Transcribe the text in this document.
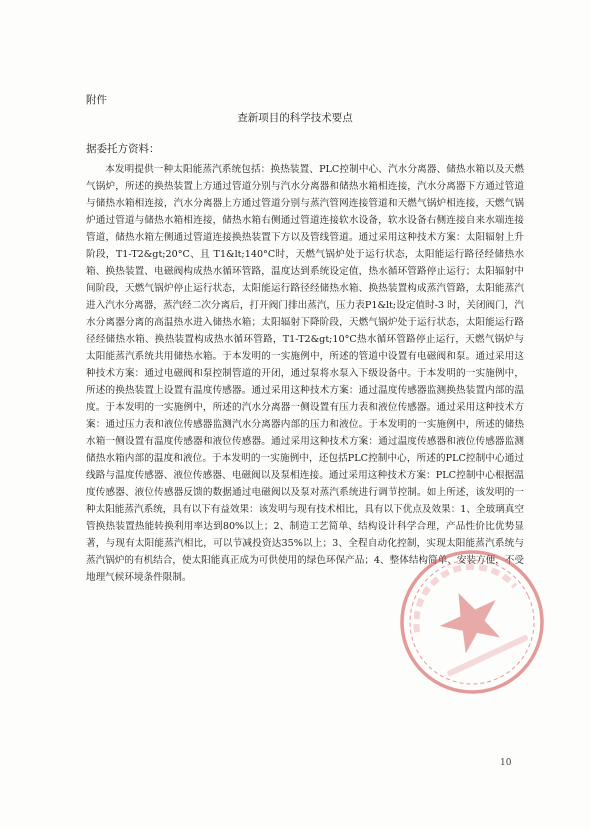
附件
查新项目的科学技术要点
据委托方资料：

本发明提供一种太阳能蒸汽系统包括：换热装置、PLC控制中心、汽水分离器、储热水箱以及天燃气锅炉，所述的换热装置上方通过管道分别与汽水分离器和储热水箱相连接，汽水分离器下方通过管道与储热水箱相连接，汽水分离器上方通过管道分别与蒸汽管网连接管道和天燃气锅炉相连接，天燃气锅炉通过管道与储热水箱相连接，储热水箱右侧通过管道连接软水设备，软水设备右侧连接自来水端连接管道，储热水箱左侧通过管道连接换热装置下方以及管线管道。通过采用这种技术方案：太阳辐射上升阶段，T1-T2&gt;20°C、且 T1&lt;140°C时，天燃气锅炉处于运行状态，太阳能运行路径经储热水箱、换热装置、电磁阀构成热水循环管路，温度达到系统设定值，热水循环管路停止运行；太阳辐射中间阶段，天燃气锅炉停止运行状态，太阳能运行路径经储热水箱、换热装置构成蒸汽管路，太阳能蒸汽进入汽水分离器，蒸汽经二次分离后，打开阀门排出蒸汽，压力表P1&lt;设定值时-3 时，关闭阀门，汽水分离器分离的高温热水进入储热水箱；太阳辐射下降阶段，天燃气锅炉处于运行状态，太阳能运行路径经储热水箱、换热装置构成热水循环管路，T1-T2&gt;10°C热水循环管路停止运行，天燃气锅炉与太阳能蒸汽系统共用储热水箱。于本发明的一实施例中，所述的管道中设置有电磁阀和泵。通过采用这种技术方案：通过电磁阀和泵控制管道的开闭，通过泵将水泵入下级设备中。于本发明的一实施例中，所述的换热装置上设置有温度传感器。通过采用这种技术方案：通过温度传感器监测换热装置内部的温度。于本发明的一实施例中，所述的汽水分离器一侧设置有压力表和液位传感器。通过采用这种技术方案：通过压力表和液位传感器监测汽水分离器内部的压力和液位。于本发明的一实施例中，所述的储热水箱一侧设置有温度传感器和液位传感器。通过采用这种技术方案：通过温度传感器和液位传感器监测储热水箱内部的温度和液位。于本发明的一实施例中，还包括PLC控制中心，所述的PLC控制中心通过线路与温度传感器、液位传感器、电磁阀以及泵相连接。通过采用这种技术方案：PLC控制中心根据温度传感器、液位传感器反馈的数据通过电磁阀以及泵对蒸汽系统进行调节控制。如上所述，该发明的一种太阳能蒸汽系统，具有以下有益效果：该发明与现有技术相比，具有以下优点及效果：1、全玻璃真空管换热装置热能转换利用率达到80%以上；2、制造工艺简单、结构设计科学合理，产品性价比优势显著，与现有太阳能蒸汽相比，可以节减投资达35%以上；3、全程自动化控制，实现太阳能蒸汽系统与蒸汽锅炉的有机结合，使太阳能真正成为可供使用的绿色环保产品；4、整体结构简单、安装方便，不受地理气候环境条件限制。

10
